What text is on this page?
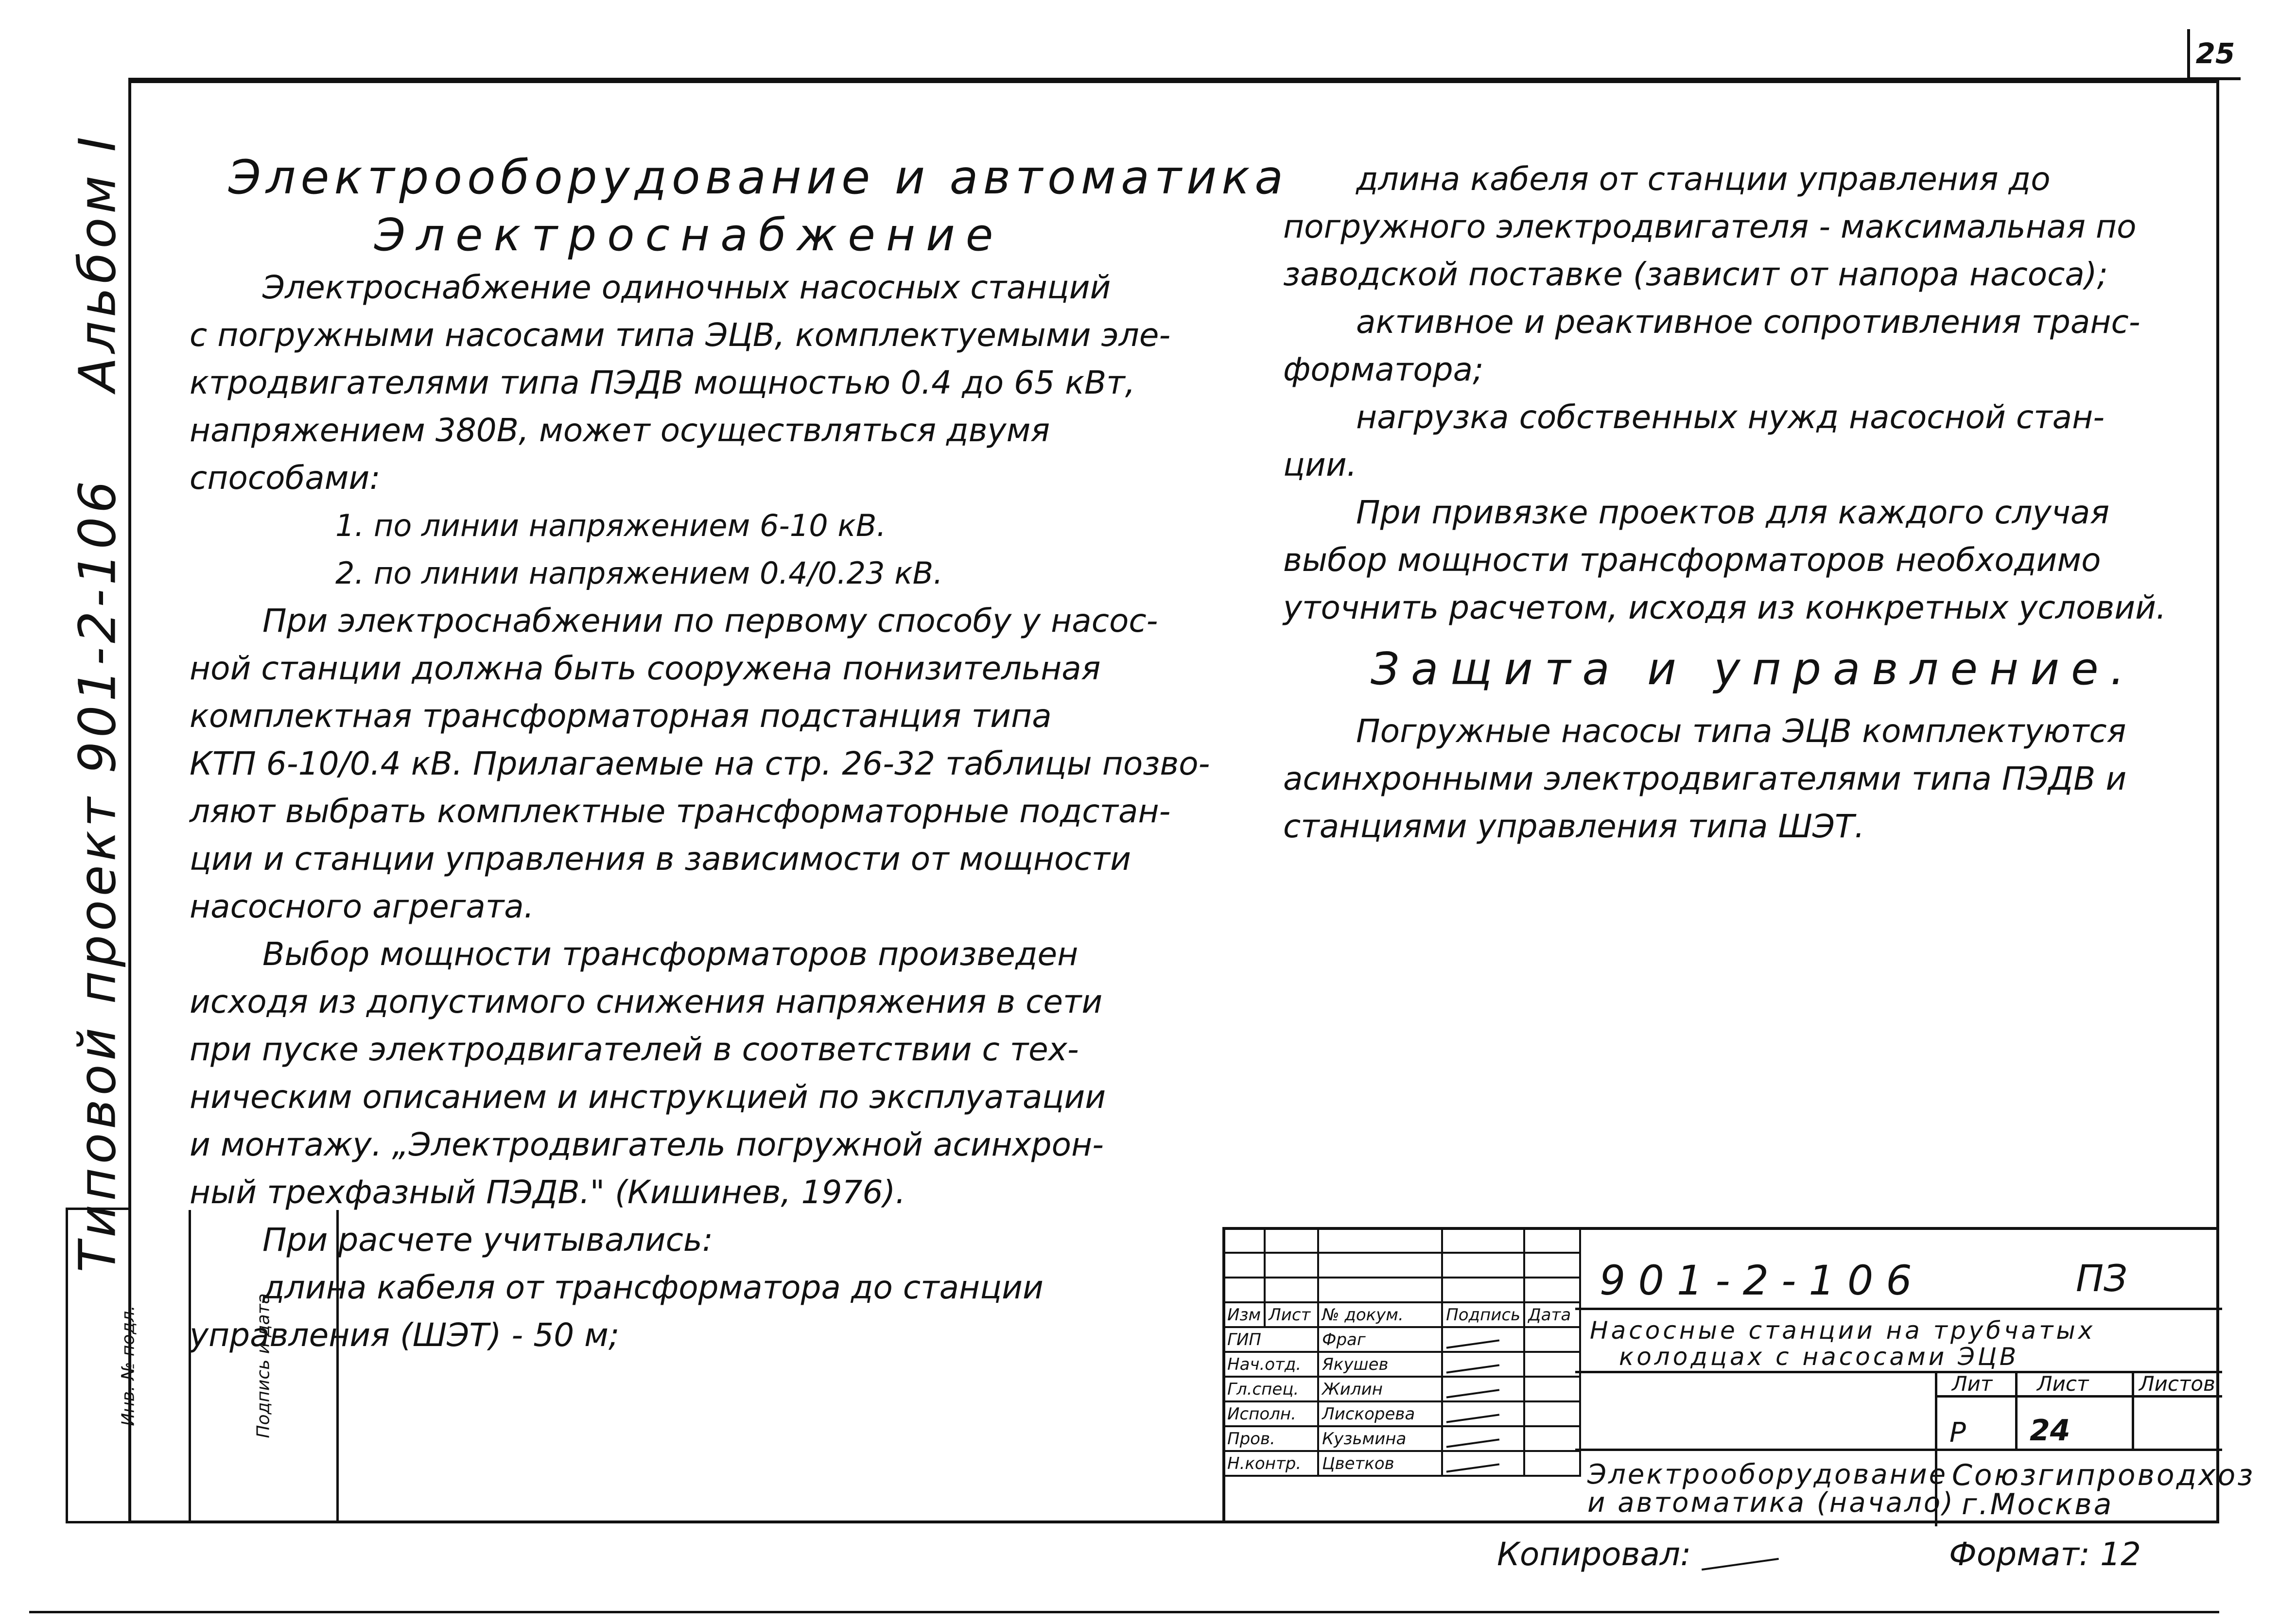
25
Альбом I
Типовой проект 901-2-106
Инв. № подл.	Подпись и дата

Электрооборудование и автоматика

Электроснабжение

Электроснабжение одиночных насосных станций

с погружными насосами типа ЭЦВ, комплектуемыми эле-

ктродвигателями типа ПЭДВ мощностью 0.4 до 65 кВт,

напряжением 380В, может осуществляться двумя

способами:

1. по линии напряжением 6-10 кВ.

2. по линии напряжением 0.4/0.23 кВ.

При электроснабжении по первому способу у насос-

ной станции должна быть сооружена понизительная

комплектная трансформаторная подстанция типа

КТП 6-10/0.4 кВ. Прилагаемые на стр. 26-32 таблицы позво-

ляют выбрать комплектные трансформаторные подстан-

ции и станции управления в зависимости от мощности

насосного агрегата.

Выбор мощности трансформаторов произведен

исходя из допустимого снижения напряжения в сети

при пуске электродвигателей в соответствии с тех-

ническим описанием и инструкцией по эксплуатации

и монтажу. „Электродвигатель погружной асинхрон-

ный трехфазный ПЭДВ." (Кишинев, 1976).

При расчете учитывались:

длина кабеля от трансформатора до станции

управления (ШЭТ) - 50 м;

длина кабеля от станции управления до

погружного электродвигателя - максимальная по

заводской поставке (зависит от напора насоса);

активное и реактивное сопротивления транс-

форматора;

нагрузка собственных нужд насосной стан-

ции.

При привязке проектов для каждого случая

выбор мощности трансформаторов необходимо

уточнить расчетом, исходя из конкретных условий.

Защита и управление.

Погружные насосы типа ЭЦВ комплектуются

асинхронными электродвигателями типа ПЭДВ и

станциями управления типа ШЭТ.

901-2-106	ПЗ
Насосные станции на трубчатых
колодцах с насосами ЭЦВ
Лит Лист Листов
Р 24
Электрооборудование
и автоматика (начало)
Союзгипроводхоз
г.Москва

Изм	Лист	№ докум.	Подпись	Дата
ГИП		Фраг		
Нач.отд.		Якушев		
Гл.спец.		Жилин		
Исполн.		Лискорева		
Пров.		Кузьмина		
Н.контр.		Цветков		
Копировал:	Формат: 12
